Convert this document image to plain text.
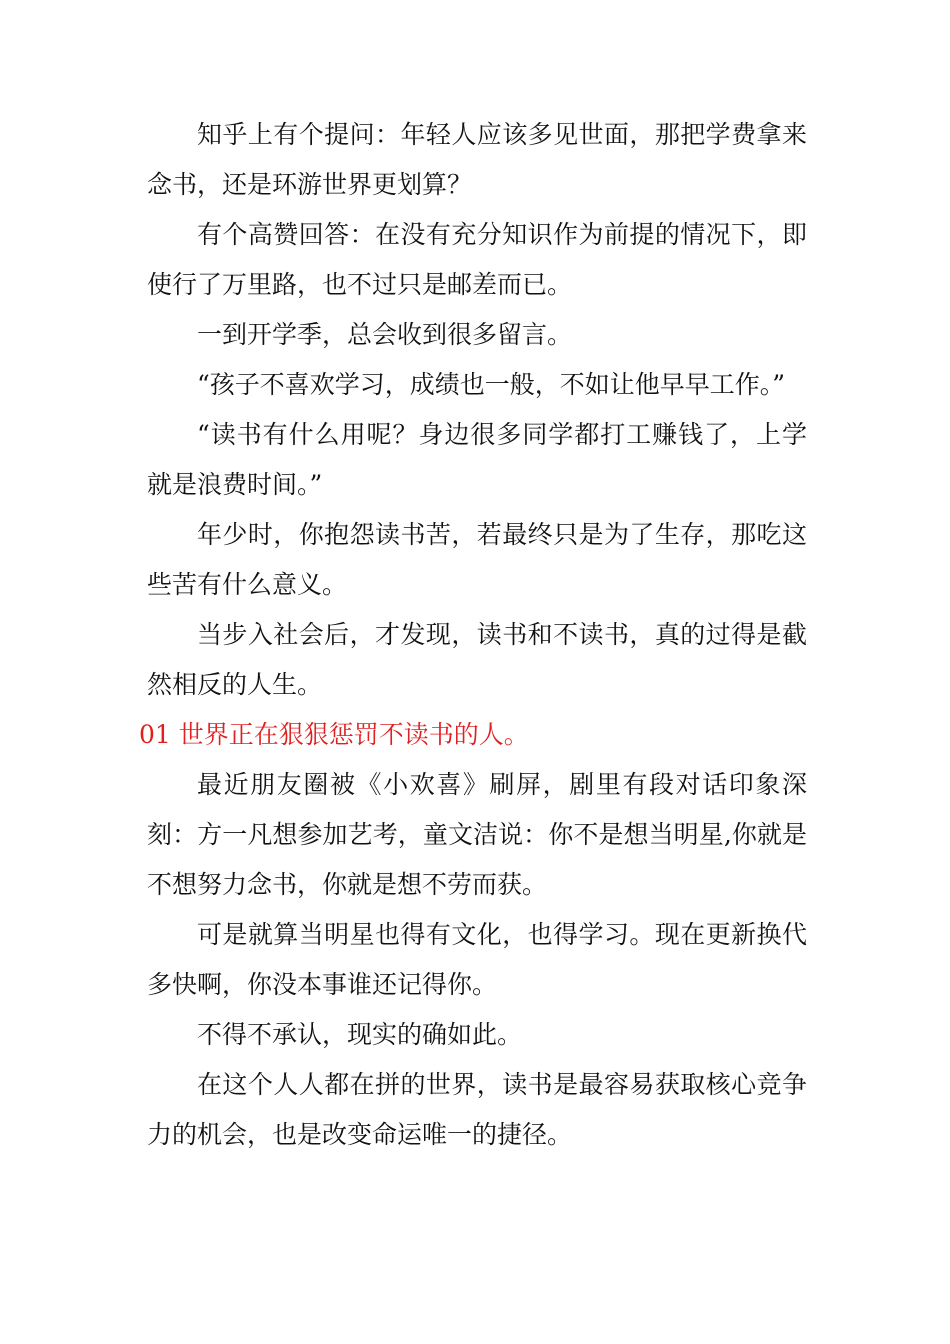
知乎上有个提问：年轻人应该多见世面，那把学费拿来念书，还是环游世界更划算？

有个高赞回答：在没有充分知识作为前提的情况下，即使行了万里路，也不过只是邮差而已。

一到开学季，总会收到很多留言。

“孩子不喜欢学习，成绩也一般，不如让他早早工作。”

“读书有什么用呢？身边很多同学都打工赚钱了，上学就是浪费时间。”

年少时，你抱怨读书苦，若最终只是为了生存，那吃这些苦有什么意义。

当步入社会后，才发现，读书和不读书，真的过得是截然相反的人生。

01 世界正在狠狠惩罚不读书的人。

最近朋友圈被《小欢喜》刷屏，剧里有段对话印象深刻：方一凡想参加艺考，童文洁说：你不是想当明星,你就是不想努力念书，你就是想不劳而获。

可是就算当明星也得有文化，也得学习。现在更新换代多快啊，你没本事谁还记得你。

不得不承认，现实的确如此。

在这个人人都在拼的世界，读书是最容易获取核心竞争力的机会，也是改变命运唯一的捷径。
